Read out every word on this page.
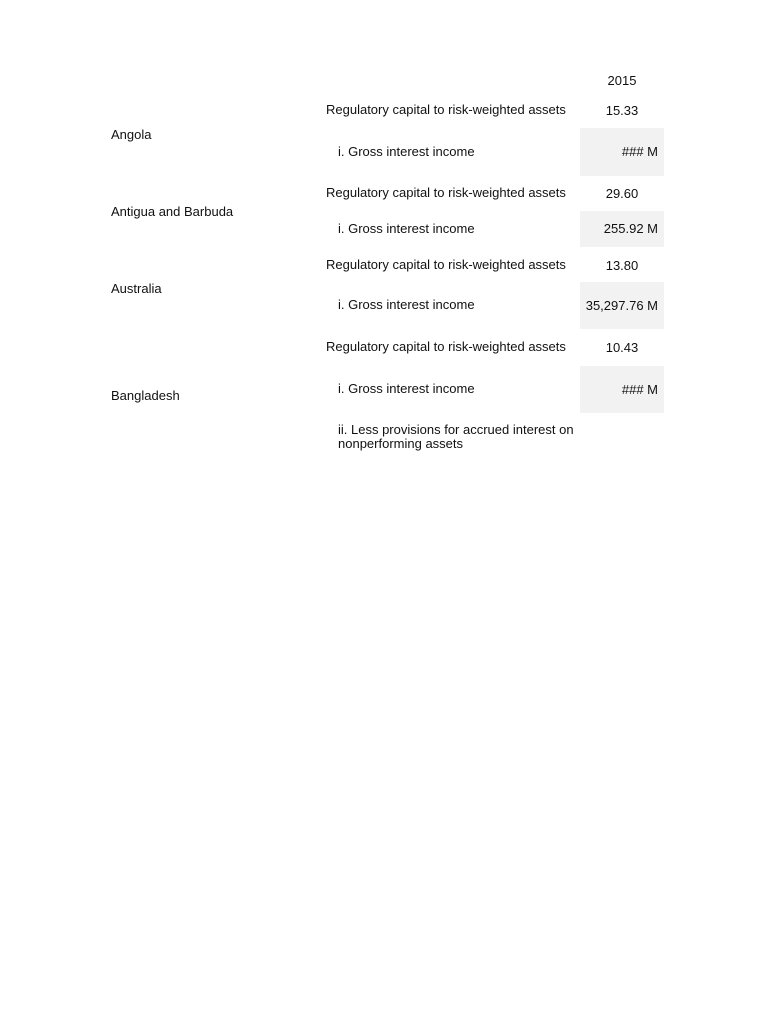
2015
Angola
Regulatory capital to risk-weighted assets	15.33
i. Gross interest income	### M
Antigua and Barbuda
Regulatory capital to risk-weighted assets	29.60
i. Gross interest income	255.92 M
Australia
Regulatory capital to risk-weighted assets	13.80
i. Gross interest income	35,297.76 M
Bangladesh
Regulatory capital to risk-weighted assets	10.43
i. Gross interest income	### M
ii. Less provisions for accrued interest on nonperforming assets
